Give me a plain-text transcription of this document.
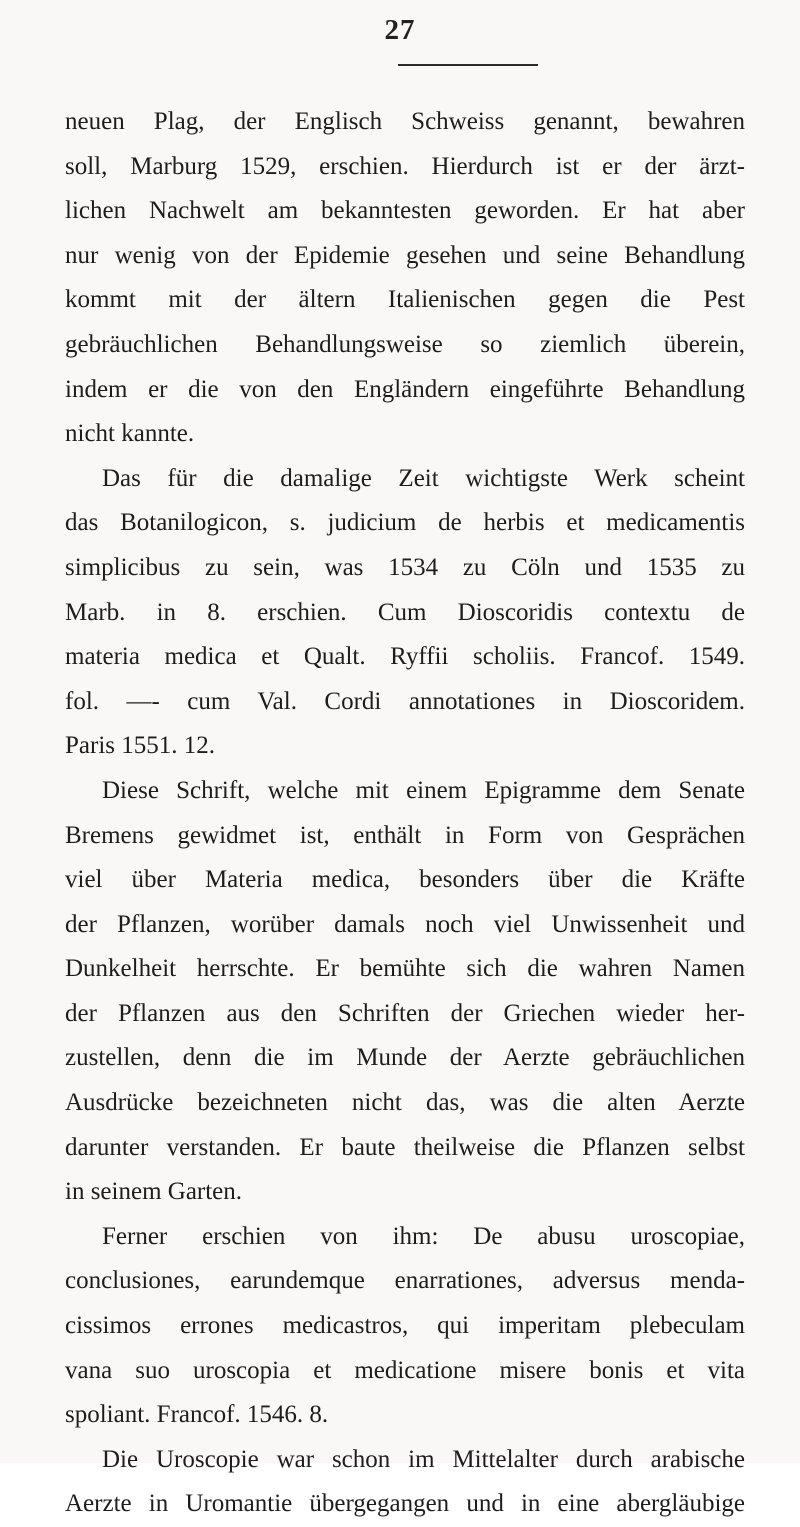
27
neuen Plag, der Englisch Schweiss genannt, bewahren
soll, Marburg 1529, erschien. Hierdurch ist er der ärzt-
lichen Nachwelt am bekanntesten geworden. Er hat aber
nur wenig von der Epidemie gesehen und seine Behandlung
kommt mit der ältern Italienischen gegen die Pest
gebräuchlichen Behandlungsweise so ziemlich überein,
indem er die von den Engländern eingeführte Behandlung
nicht kannte.
Das für die damalige Zeit wichtigste Werk scheint
das Botanilogicon, s. judicium de herbis et medicamentis
simplicibus zu sein, was 1534 zu Cöln und 1535 zu
Marb. in 8. erschien. Cum Dioscoridis contextu de
materia medica et Qualt. Ryffii scholiis. Francof. 1549.
fol. —- cum Val. Cordi annotationes in Dioscoridem.
Paris 1551. 12.
Diese Schrift, welche mit einem Epigramme dem Senate
Bremens gewidmet ist, enthält in Form von Gesprächen
viel über Materia medica, besonders über die Kräfte
der Pflanzen, worüber damals noch viel Unwissenheit und
Dunkelheit herrschte. Er bemühte sich die wahren Namen
der Pflanzen aus den Schriften der Griechen wieder her-
zustellen, denn die im Munde der Aerzte gebräuchlichen
Ausdrücke bezeichneten nicht das, was die alten Aerzte
darunter verstanden. Er baute theilweise die Pflanzen selbst
in seinem Garten.
Ferner erschien von ihm: De abusu uroscopiae,
conclusiones, earundemque enarrationes, adversus menda-
cissimos errones medicastros, qui imperitam plebeculam
vana suo uroscopia et medicatione misere bonis et vita
spoliant. Francof. 1546. 8.
Die Uroscopie war schon im Mittelalter durch arabische
Aerzte in Uromantie übergegangen und in eine abergläubige
